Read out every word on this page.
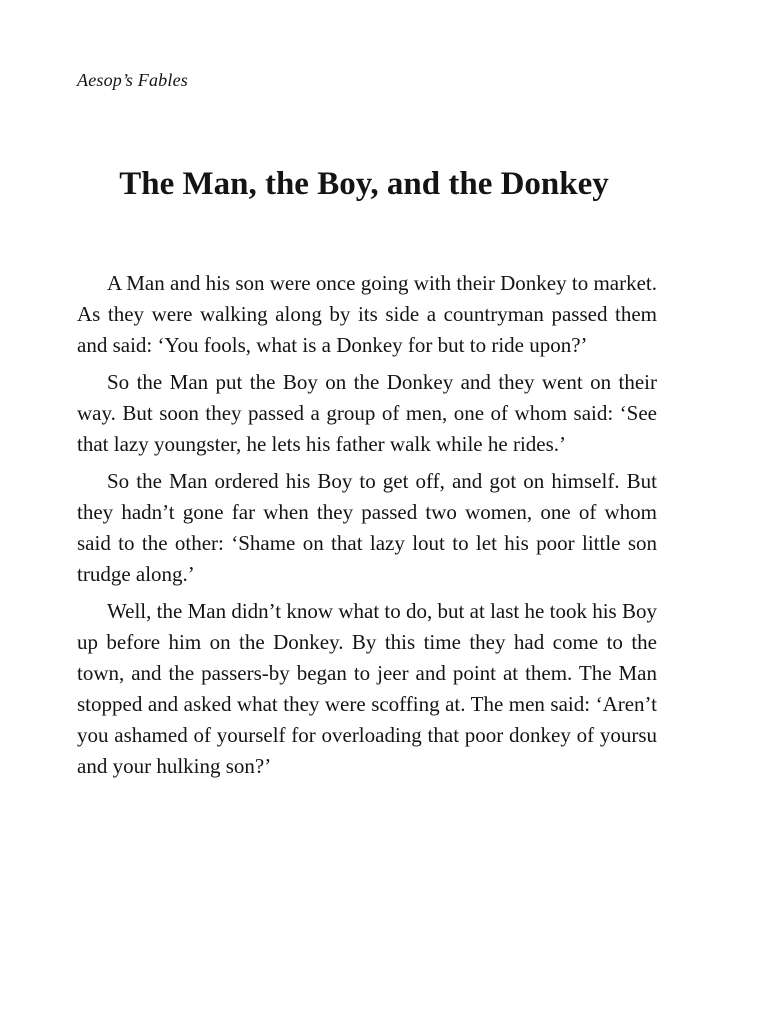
Aesop’s Fables
The Man, the Boy, and the Donkey

A Man and his son were once going with their Donkey to market. As they were walking along by its side a countryman passed them and said: ‘You fools, what is a Donkey for but to ride upon?’

So the Man put the Boy on the Donkey and they went on their way. But soon they passed a group of men, one of whom said: ‘See that lazy youngster, he lets his father walk while he rides.’

So the Man ordered his Boy to get off, and got on himself. But they hadn’t gone far when they passed two women, one of whom said to the other: ‘Shame on that lazy lout to let his poor little son trudge along.’

Well, the Man didn’t know what to do, but at last he took his Boy up before him on the Donkey. By this time they had come to the town, and the passers-by began to jeer and point at them. The Man stopped and asked what they were scoffing at. The men said: ‘Aren’t you ashamed of yourself for overloading that poor donkey of yoursu and your hulking son?’
